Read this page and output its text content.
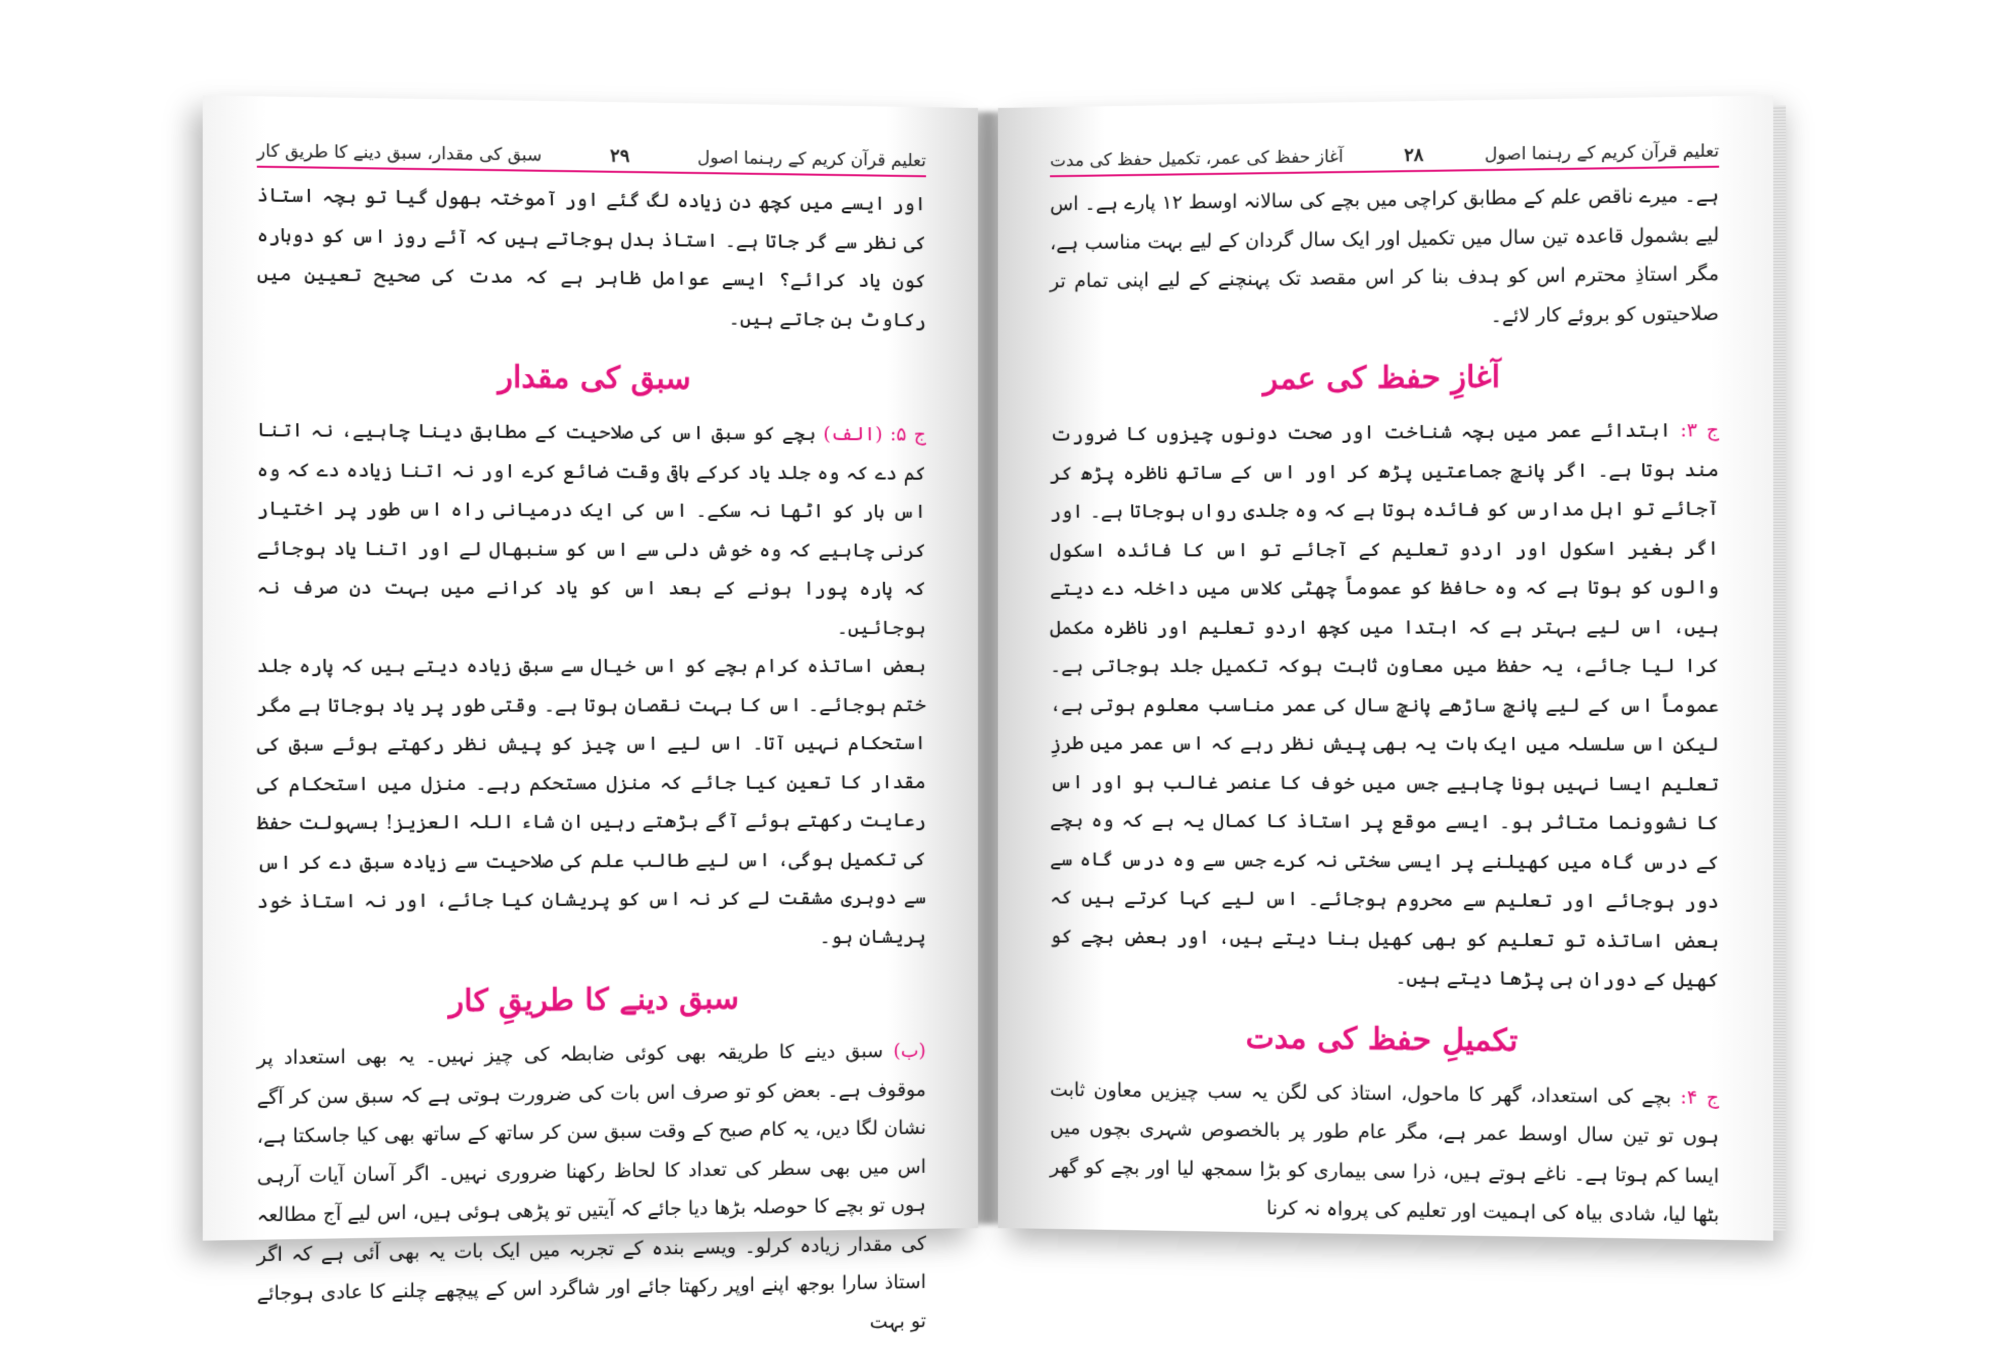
تعلیم قرآن کریم کے رہنما اصول
۲۹
سبق کی مقدار، سبق دینے کا طریق کار

اور ایسے میں کچھ دن زیادہ لگ گئے اور آموختہ بھول گیا تو بچہ استاذ کی نظر سے گر جاتا ہے۔ استاذ بدل ہوجاتے ہیں کہ آئے روز اس کو دوبارہ کون یاد کرائے؟ ایسے عوامل ظاہر ہے کہ مدت کی صحیح تعیین میں رکاوٹ بن جاتے ہیں۔

سبق کی مقدار

ج ۵: (الف) بچے کو سبق اس کی صلاحیت کے مطابق دینا چاہیے، نہ اتنا کم دے کہ وہ جلد یاد کرکے باقی وقت ضائع کرے اور نہ اتنا زیادہ دے کہ وہ اس بار کو اٹھا نہ سکے۔ اس کی ایک درمیانی راہ اس طور پر اختیار کرنی چاہیے کہ وہ خوش دلی سے اس کو سنبھال لے اور اتنا یاد ہوجائے کہ پارہ پورا ہونے کے بعد اس کو یاد کرانے میں بہت دن صرف نہ ہوجائیں۔

بعض اساتذہ کرام بچے کو اس خیال سے سبق زیادہ دیتے ہیں کہ پارہ جلد ختم ہوجائے۔ اس کا بہت نقصان ہوتا ہے۔ وقتی طور پر یاد ہوجاتا ہے مگر استحکام نہیں آتا۔ اس لیے اس چیز کو پیش نظر رکھتے ہوئے سبق کی مقدار کا تعین کیا جائے کہ منزل مستحکم رہے۔ منزل میں استحکام کی رعایت رکھتے ہوئے آگے بڑھتے رہیں ان شاء اللہ العزیز! بسہولت حفظ کی تکمیل ہوگی، اس لیے طالب علم کی صلاحیت سے زیادہ سبق دے کر اس سے دوہری مشقت لے کر نہ اس کو پریشان کیا جائے، اور نہ استاذ خود پریشان ہو۔

سبق دینے کا طریقِ کار

(ب) سبق دینے کا طریقہ بھی کوئی ضابطہ کی چیز نہیں۔ یہ بھی استعداد پر موقوف ہے۔ بعض کو تو صرف اس بات کی ضرورت ہوتی ہے کہ سبق سن کر آگے نشان لگا دیں، یہ کام صبح کے وقت سبق سن کر ساتھ کے ساتھ بھی کیا جاسکتا ہے، اس میں بھی سطر کی تعداد کا لحاظ رکھنا ضروری نہیں۔ اگر آسان آیات آرہی ہوں تو بچے کا حوصلہ بڑھا دیا جائے کہ آیتیں تو پڑھی ہوئی ہیں، اس لیے آج مطالعہ کی مقدار زیادہ کرلو۔ ویسے بندہ کے تجربہ میں ایک بات یہ بھی آئی ہے کہ اگر استاذ سارا بوجھ اپنے اوپر رکھتا جائے اور شاگرد اس کے پیچھے چلنے کا عادی ہوجائے تو بہت

تعلیم قرآن کریم کے رہنما اصول
۲۸
آغاز حفظ کی عمر، تکمیل حفظ کی مدت

ہے۔ میرے ناقص علم کے مطابق کراچی میں بچے کی سالانہ اوسط ۱۲ پارے ہے۔ اس لیے بشمول قاعدہ تین سال میں تکمیل اور ایک سال گردان کے لیے بہت مناسب ہے، مگر استاذِ محترم اس کو ہدف بنا کر اس مقصد تک پہنچنے کے لیے اپنی تمام تر صلاحیتوں کو بروئے کار لائے۔

آغازِ حفظ کی عمر

ج ۳: ابتدائے عمر میں بچہ شناخت اور صحت دونوں چیزوں کا ضرورت مند ہوتا ہے۔ اگر پانچ جماعتیں پڑھ کر اور اس کے ساتھ ناظرہ پڑھ کر آجائے تو اہل مدارس کو فائدہ ہوتا ہے کہ وہ جلدی رواں ہوجاتا ہے۔ اور اگر بغیر اسکول اور اردو تعلیم کے آجائے تو اس کا فائدہ اسکول والوں کو ہوتا ہے کہ وہ حافظ کو عموماً چھٹی کلاس میں داخلہ دے دیتے ہیں، اس لیے بہتر ہے کہ ابتدا میں کچھ اردو تعلیم اور ناظرہ مکمل کرا لیا جائے، یہ حفظ میں معاون ثابت ہوکہ تکمیل جلد ہوجاتی ہے۔ عموماً اس کے لیے پانچ ساڑھے پانچ سال کی عمر مناسب معلوم ہوتی ہے، لیکن اس سلسلہ میں ایک بات یہ بھی پیش نظر رہے کہ اس عمر میں طرزِ تعلیم ایسا نہیں ہونا چاہیے جس میں خوف کا عنصر غالب ہو اور اس کا نشوونما متاثر ہو۔ ایسے موقع پر استاذ کا کمال یہ ہے کہ وہ بچے کے درس گاہ میں کھیلنے پر ایسی سختی نہ کرے جس سے وہ درس گاہ سے دور ہوجائے اور تعلیم سے محروم ہوجائے۔ اس لیے کہا کرتے ہیں کہ بعض اساتذہ تو تعلیم کو بھی کھیل بنا دیتے ہیں، اور بعض بچے کو کھیل کے دوران ہی پڑھا دیتے ہیں۔

تکمیلِ حفظ کی مدت

ج ۴: بچے کی استعداد، گھر کا ماحول، استاذ کی لگن یہ سب چیزیں معاون ثابت ہوں تو تین سال اوسط عمر ہے، مگر عام طور پر بالخصوص شہری بچوں میں ایسا کم ہوتا ہے۔ ناغے ہوتے ہیں، ذرا سی بیماری کو بڑا سمجھ لیا اور بچے کو گھر بٹھا لیا، شادی بیاہ کی اہمیت اور تعلیم کی پرواہ نہ کرنا
